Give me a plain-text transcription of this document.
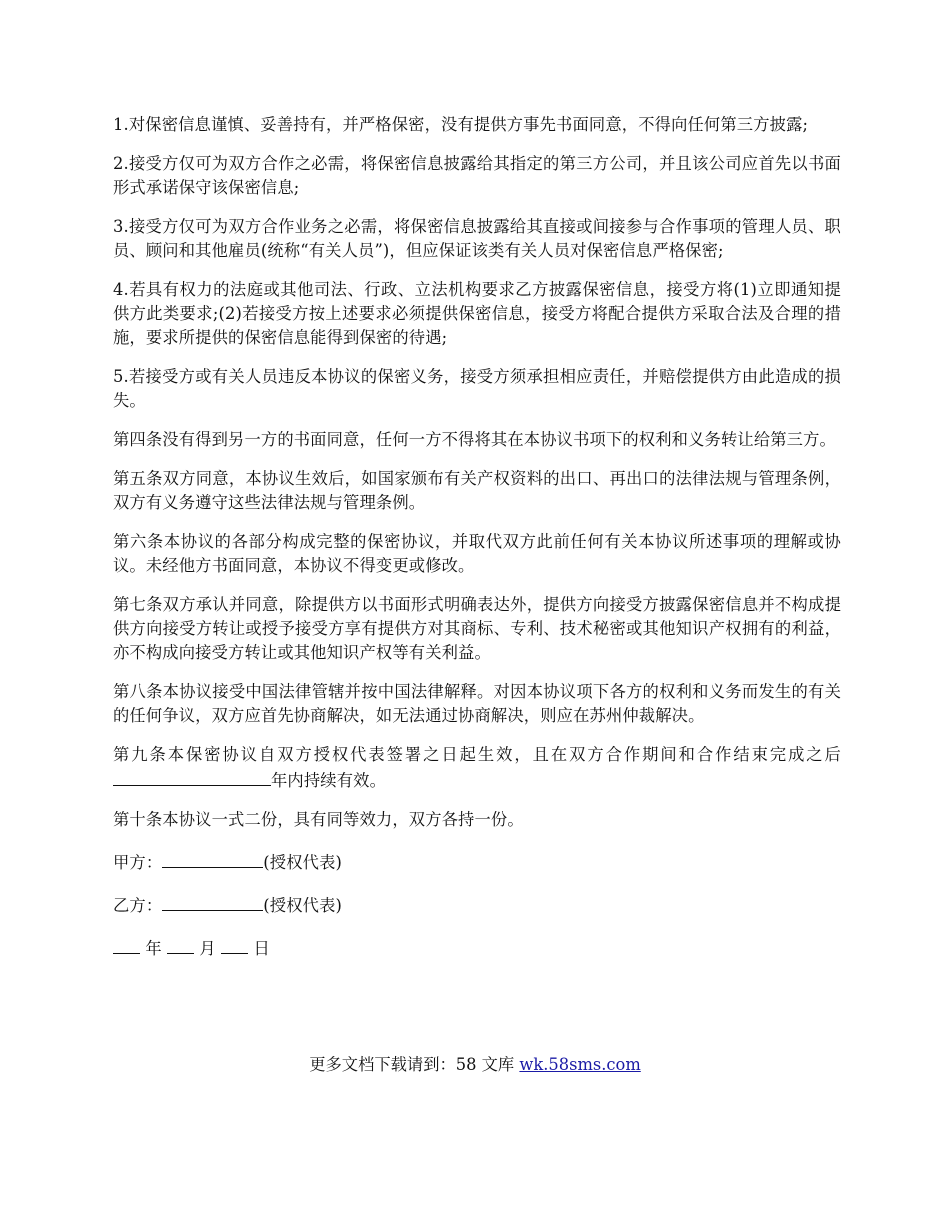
1.对保密信息谨慎、妥善持有，并严格保密，没有提供方事先书面同意，不得向任何第三方披露;

2.接受方仅可为双方合作之必需，将保密信息披露给其指定的第三方公司，并且该公司应首先以书面形式承诺保守该保密信息;

3.接受方仅可为双方合作业务之必需，将保密信息披露给其直接或间接参与合作事项的管理人员、职员、顾问和其他雇员(统称“有关人员”)，但应保证该类有关人员对保密信息严格保密;

4.若具有权力的法庭或其他司法、行政、立法机构要求乙方披露保密信息，接受方将(1)立即通知提供方此类要求;(2)若接受方按上述要求必须提供保密信息，接受方将配合提供方采取合法及合理的措施，要求所提供的保密信息能得到保密的待遇;

5.若接受方或有关人员违反本协议的保密义务，接受方须承担相应责任，并赔偿提供方由此造成的损失。

第四条没有得到另一方的书面同意，任何一方不得将其在本协议书项下的权利和义务转让给第三方。

第五条双方同意，本协议生效后，如国家颁布有关产权资料的出口、再出口的法律法规与管理条例，双方有义务遵守这些法律法规与管理条例。

第六条本协议的各部分构成完整的保密协议，并取代双方此前任何有关本协议所述事项的理解或协议。未经他方书面同意，本协议不得变更或修改。

第七条双方承认并同意，除提供方以书面形式明确表达外，提供方向接受方披露保密信息并不构成提供方向接受方转让或授予接受方享有提供方对其商标、专利、技术秘密或其他知识产权拥有的利益，亦不构成向接受方转让或其他知识产权等有关利益。

第八条本协议接受中国法律管辖并按中国法律解释。对因本协议项下各方的权利和义务而发生的有关的任何争议，双方应首先协商解决，如无法通过协商解决，则应在苏州仲裁解决。

第九条本保密协议自双方授权代表签署之日起生效，且在双方合作期间和合作结束完成之后年内持续有效。

第十条本协议一式二份，具有同等效力，双方各持一份。

甲方：	(授权代表)

乙方：	(授权代表)

年  月  日

更多文档下载请到：58 文库 wk.58sms.com
